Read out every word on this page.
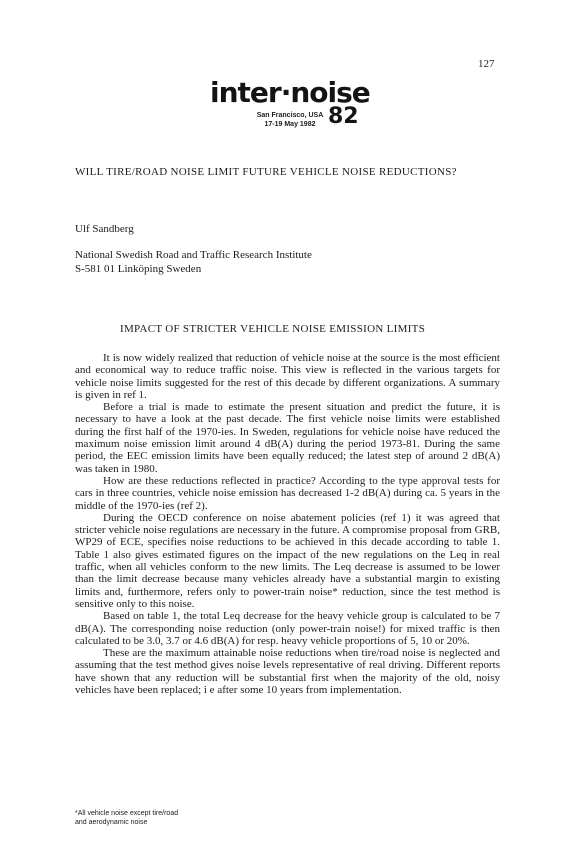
127
inter·noise
San Francisco, USA
17-19 May 1982 82
WILL TIRE/ROAD NOISE LIMIT FUTURE VEHICLE NOISE REDUCTIONS?
Ulf Sandberg
National Swedish Road and Traffic Research Institute
S-581 01 Linköping Sweden
IMPACT OF STRICTER VEHICLE NOISE EMISSION LIMITS

It is now widely realized that reduction of vehicle noise at the source is the most efficient and economical way to reduce traffic noise. This view is reflected in the various targets for vehicle noise limits suggested for the rest of this decade by different organizations. A summary is given in ref 1.

Before a trial is made to estimate the present situation and predict the future, it is necessary to have a look at the past decade. The first vehicle noise limits were established during the first half of the 1970-ies. In Sweden, regulations for vehicle noise have reduced the maximum noise emission limit around 4 dB(A) during the period 1973-81. During the same period, the EEC emission limits have been equally reduced; the latest step of around 2 dB(A) was taken in 1980.

How are these reductions reflected in practice? According to the type approval tests for cars in three countries, vehicle noise emission has decreased 1-2 dB(A) during ca. 5 years in the middle of the 1970-ies (ref 2).

During the OECD conference on noise abatement policies (ref 1) it was agreed that stricter vehicle noise regulations are necessary in the future. A compromise proposal from GRB, WP29 of ECE, specifies noise reductions to be achieved in this decade according to table 1. Table 1 also gives estimated figures on the impact of the new regulations on the Leq in real traffic, when all vehicles conform to the new limits. The Leq decrease is assumed to be lower than the limit decrease because many vehicles already have a substantial margin to existing limits and, furthermore, refers only to power-train noise* reduction, since the test method is sensitive only to this noise.

Based on table 1, the total Leq decrease for the heavy vehicle group is calculated to be 7 dB(A). The corresponding noise reduction (only power-train noise!) for mixed traffic is then calculated to be 3.0, 3.7 or 4.6 dB(A) for resp. heavy vehicle proportions of 5, 10 or 20%.

These are the maximum attainable noise reductions when tire/road noise is neglected and assuming that the test method gives noise levels representative of real driving. Different reports have shown that any reduction will be substantial first when the majority of the old, noisy vehicles have been replaced; i e after some 10 years from implementation.

*All vehicle noise except tire/road
and aerodynamic noise
